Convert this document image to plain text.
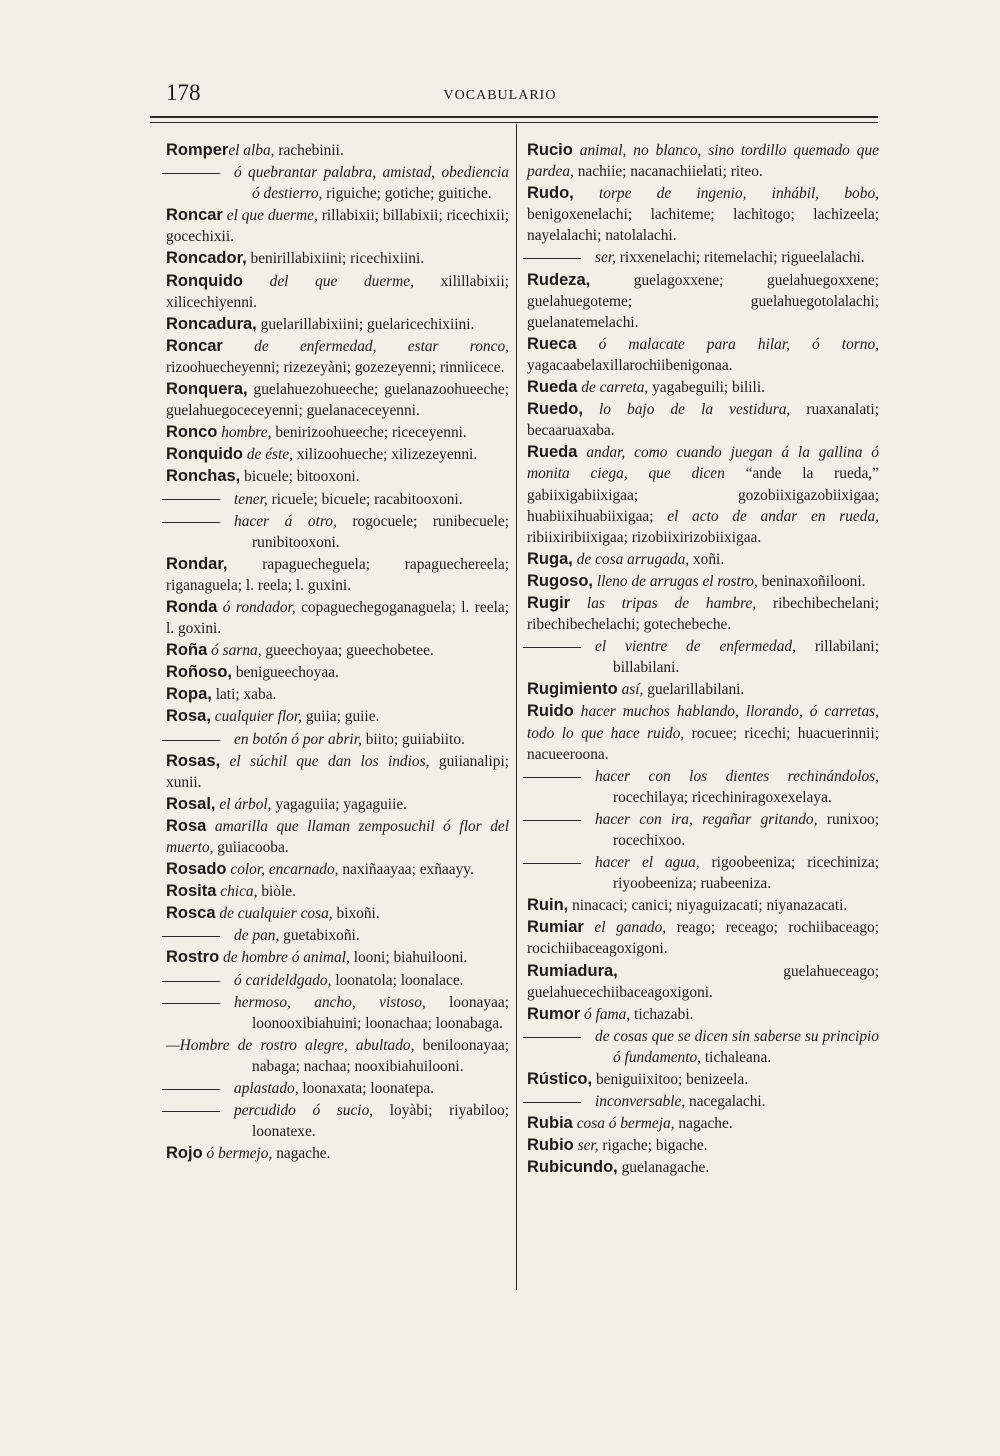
178	VOCABULARIO
Romperel alba, rachebinii.
ó quebrantar palabra, amistad, obediencia ó destierro, riguiche; gotiche; guitiche.
Roncar el que duerme, rillabixii; billabixii; ricechixii; gocechixii.
Roncador, benirillabixiini; ricechixiini.
Ronquido del que duerme, xilillabixii; xilicechiyenni.
Roncadura, guelarillabixiini; guelaricechixiini.
Roncar de enfermedad, estar ronco, rizoohuecheyenni; rizezeyàni; gozezeyenni; rinniicece.
Ronquera, guelahuezohueeche; guelanazoohueeche; guelahuegoceceyenni; guelanaceceyenni.
Ronco hombre, benirizoohueeche; riceceyenni.
Ronquido de éste, xilizoohueche; xilizezeyenni.
Ronchas, bicuele; bitooxoni.
tener, ricuele; bicuele; racabitooxoni.
hacer á otro, rogocuele; runibecuele; runibitooxoni.
Rondar, rapaguecheguela; rapaguechereela; riganaguela; l. reela; l. guxini.
Ronda ó rondador, copaguechegoganaguela; l. reela; l. goxini.
Roña ó sarna, gueechoyaa; gueechobetee.
Roñoso, benigueechoyaa.
Ropa, lati; xaba.
Rosa, cualquier flor, guiia; guiie.
en botón ó por abrir, biito; guiiabiito.
Rosas, el súchil que dan los indios, guiianalipi; xunii.
Rosal, el árbol, yagaguiia; yagaguiie.
Rosa amarilla que llaman zemposuchil ó flor del muerto, guiiacooba.
Rosado color, encarnado, naxiñaayaa; exñaayy.
Rosita chica, biòle.
Rosca de cualquier cosa, bixoñi.
de pan, guetabixoñi.
Rostro de hombre ó animal, looni; biahuilooni.
ó carideldgado, loonatola; loonalace.
hermoso, ancho, vistoso, loonayaa; loonooxibiahuini; loonachaa; loonabaga.
—Hombre de rostro alegre, abultado, beniloonayaa; nabaga; nachaa; nooxibiahuilooni.
aplastado, loonaxata; loonatepa.
percudido ó sucio, loyàbi; riyabiloo; loonatexe.
Rojo ó bermejo, nagache.
Rucio animal, no blanco, sino tordillo quemado que pardea, nachiie; nacanachiielati; riteo.
Rudo, torpe de ingenio, inhábil, bobo, benigoxenelachi; lachiteme; lachitogo; lachizeela; nayelalachi; natolalachi.
ser, rixxenelachi; ritemelachi; rigueelalachi.
Rudeza, guelagoxxene; guelahuegoxxene; guelahuegoteme; guelahuegotolalachi; guelanatemelachi.
Rueca ó malacate para hilar, ó torno, yagacaabelaxillarochiibenigonaa.
Rueda de carreta, yagabeguili; bilili.
Ruedo, lo bajo de la vestidura, ruaxanalati; becaaruaxaba.
Rueda andar, como cuando juegan á la gallina ó monita ciega, que dicen “ande la rueda,” gabiixigabiixigaa; gozobiixigazobiixigaa; huabiixihuabiixigaa; el acto de andar en rueda, ribiixiribiixigaa; rizobiixirizobiixigaa.
Ruga, de cosa arrugada, xoñi.
Rugoso, lleno de arrugas el rostro, beninaxoñilooni.
Rugir las tripas de hambre, ribechibechelani; ribechibechelachi; gotechebeche.
el vientre de enfermedad, rillabilani; billabilani.
Rugimiento así, guelarillabilani.
Ruido hacer muchos hablando, llorando, ó carretas, todo lo que hace ruido, rocuee; ricechi; huacuerinnii; nacueeroona.
hacer con los dientes rechinándolos, rocechilaya; ricechiniragoxexelaya.
hacer con ira, regañar gritando, runixoo; rocechixoo.
hacer el agua, rigoobeeniza; ricechiniza; riyoobeeniza; ruabeeniza.
Ruin, ninacaci; canici; niyaguizacati; niyanazacati.
Rumiar el ganado, reago; receago; rochiibaceago; rocichiibaceagoxigoni.
Rumiadura, guelahueceago; guelahuecechiibaceagoxigoni.
Rumor ó fama, tichazabi.
de cosas que se dicen sin saberse su principio ó fundamento, tichaleana.
Rústico, beniguiixitoo; benizeela.
inconversable, nacegalachi.
Rubia cosa ó bermeja, nagache.
Rubio ser, rigache; bigache.
Rubicundo, guelanagache.
